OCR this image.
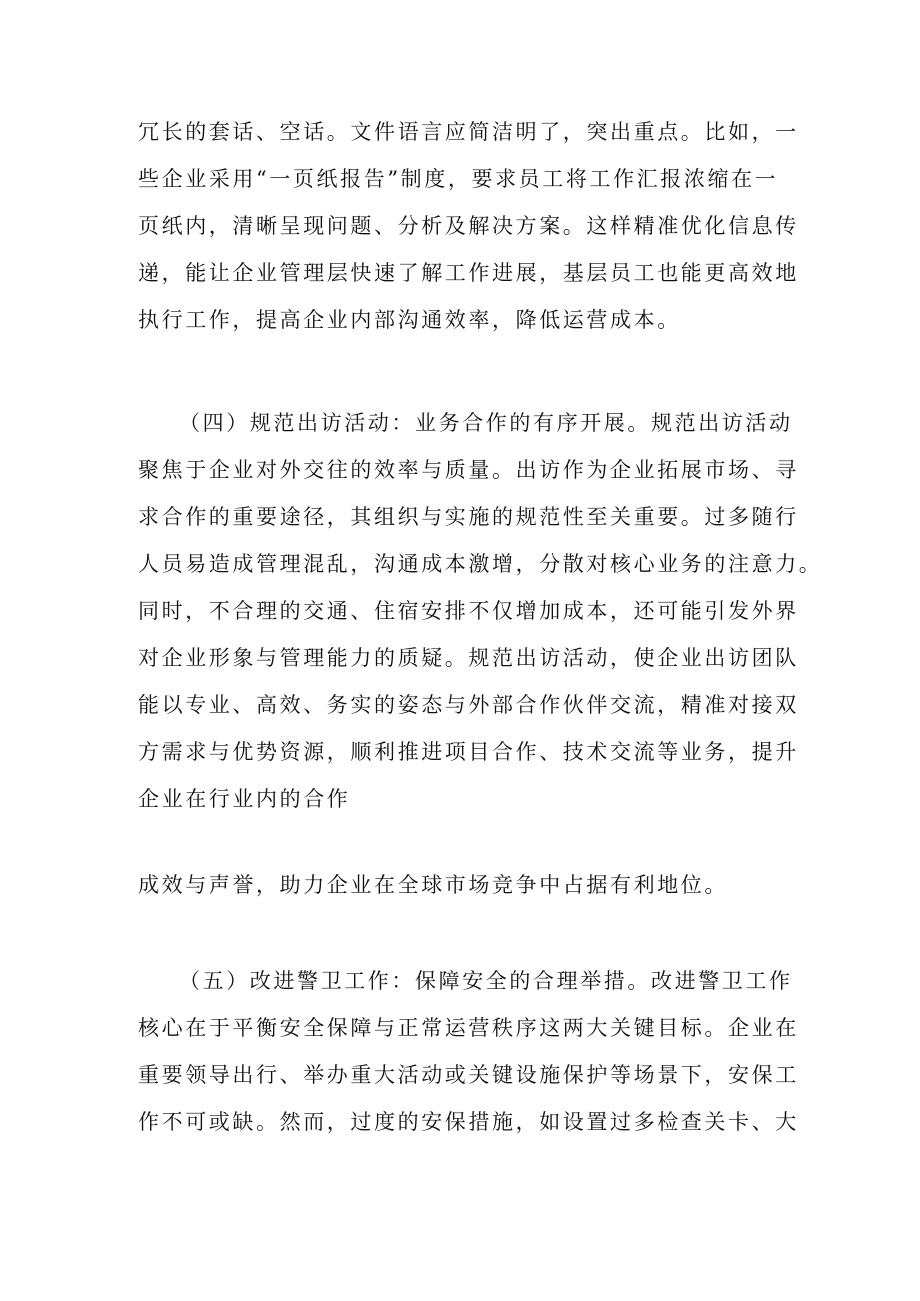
冗长的套话、空话。文件语言应简洁明了，突出重点。比如，一
些企业采用“一页纸报告”制度，要求员工将工作汇报浓缩在一
页纸内，清晰呈现问题、分析及解决方案。这样精准优化信息传
递，能让企业管理层快速了解工作进展，基层员工也能更高效地
执行工作，提高企业内部沟通效率，降低运营成本。
（四）规范出访活动：业务合作的有序开展。规范出访活动
聚焦于企业对外交往的效率与质量。出访作为企业拓展市场、寻
求合作的重要途径，其组织与实施的规范性至关重要。过多随行
人员易造成管理混乱，沟通成本激增，分散对核心业务的注意力。
同时，不合理的交通、住宿安排不仅增加成本，还可能引发外界
对企业形象与管理能力的质疑。规范出访活动，使企业出访团队
能以专业、高效、务实的姿态与外部合作伙伴交流，精准对接双
方需求与优势资源，顺利推进项目合作、技术交流等业务，提升
企业在行业内的合作
成效与声誉，助力企业在全球市场竞争中占据有利地位。
（五）改进警卫工作：保障安全的合理举措。改进警卫工作
核心在于平衡安全保障与正常运营秩序这两大关键目标。企业在
重要领导出行、举办重大活动或关键设施保护等场景下，安保工
作不可或缺。然而，过度的安保措施，如设置过多检查关卡、大
